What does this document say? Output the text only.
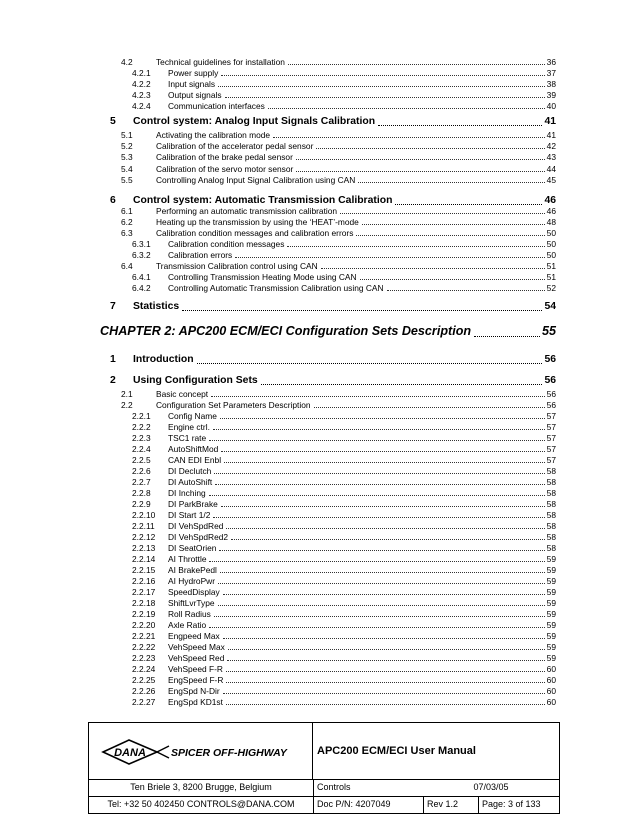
4.2	Technical guidelines for installation	36
4.2.1 Power supply	37
4.2.2 Input signals	38
4.2.3 Output signals	39
4.2.4 Communication interfaces	40
5 Control system: Analog Input Signals Calibration	41
5.1	Activating the calibration mode	41
5.2	Calibration of the accelerator pedal sensor	42
5.3	Calibration of the brake pedal sensor	43
5.4	Calibration of the servo motor sensor	44
5.5	Controlling Analog Input Signal Calibration using CAN	45
6 Control system: Automatic Transmission Calibration	46
6.1	Performing an automatic transmission calibration	46
6.2	Heating up the transmission by using the ‘HEAT’-mode	48
6.3	Calibration condition messages and calibration errors	50
6.3.1 Calibration condition messages	50
6.3.2 Calibration errors	50
6.4	Transmission Calibration control using CAN	51
6.4.1 Controlling Transmission Heating Mode using CAN	51
6.4.2 Controlling Automatic Transmission Calibration using CAN	52
7 Statistics	54
CHAPTER 2: APC200 ECM/ECI Configuration Sets Description	55
1 Introduction	56
2 Using Configuration Sets	56
2.1	Basic concept	56
2.2	Configuration Set Parameters Description	56
2.2.1 Config Name	57
2.2.2 Engine ctrl.	57
2.2.3 TSC1 rate	57
2.2.4 AutoShiftMod	57
2.2.5 CAN EDI Enbl	57
2.2.6 DI Declutch	58
2.2.7 DI AutoShift	58
2.2.8 DI Inching	58
2.2.9 DI ParkBrake	58
2.2.10 DI Start 1/2	58
2.2.11 DI VehSpdRed	58
2.2.12 DI VehSpdRed2	58
2.2.13 DI SeatOrien	58
2.2.14 AI Throttle	59
2.2.15 AI BrakePedl	59
2.2.16 AI HydroPwr	59
2.2.17 SpeedDisplay	59
2.2.18 ShiftLvrType	59
2.2.19 Roll Radius	59
2.2.20 Axle Ratio	59
2.2.21 Engpeed Max	59
2.2.22 VehSpeed Max	59
2.2.23 VehSpeed Red	59
2.2.24 VehSpeed F-R	60
2.2.25 EngSpeed F-R	60
2.2.26 EngSpd N-Dir	60
2.2.27 EngSpd KD1st	60
DANA SPICER OFF-HIGHWAY	APC200 ECM/ECI User Manual
Ten Briele 3, 8200 Brugge, Belgium	Controls	07/03/05
Tel: +32 50 402450 CONTROLS@DANA.COM	Doc P/N: 4207049	Rev 1.2	Page: 3 of 133
